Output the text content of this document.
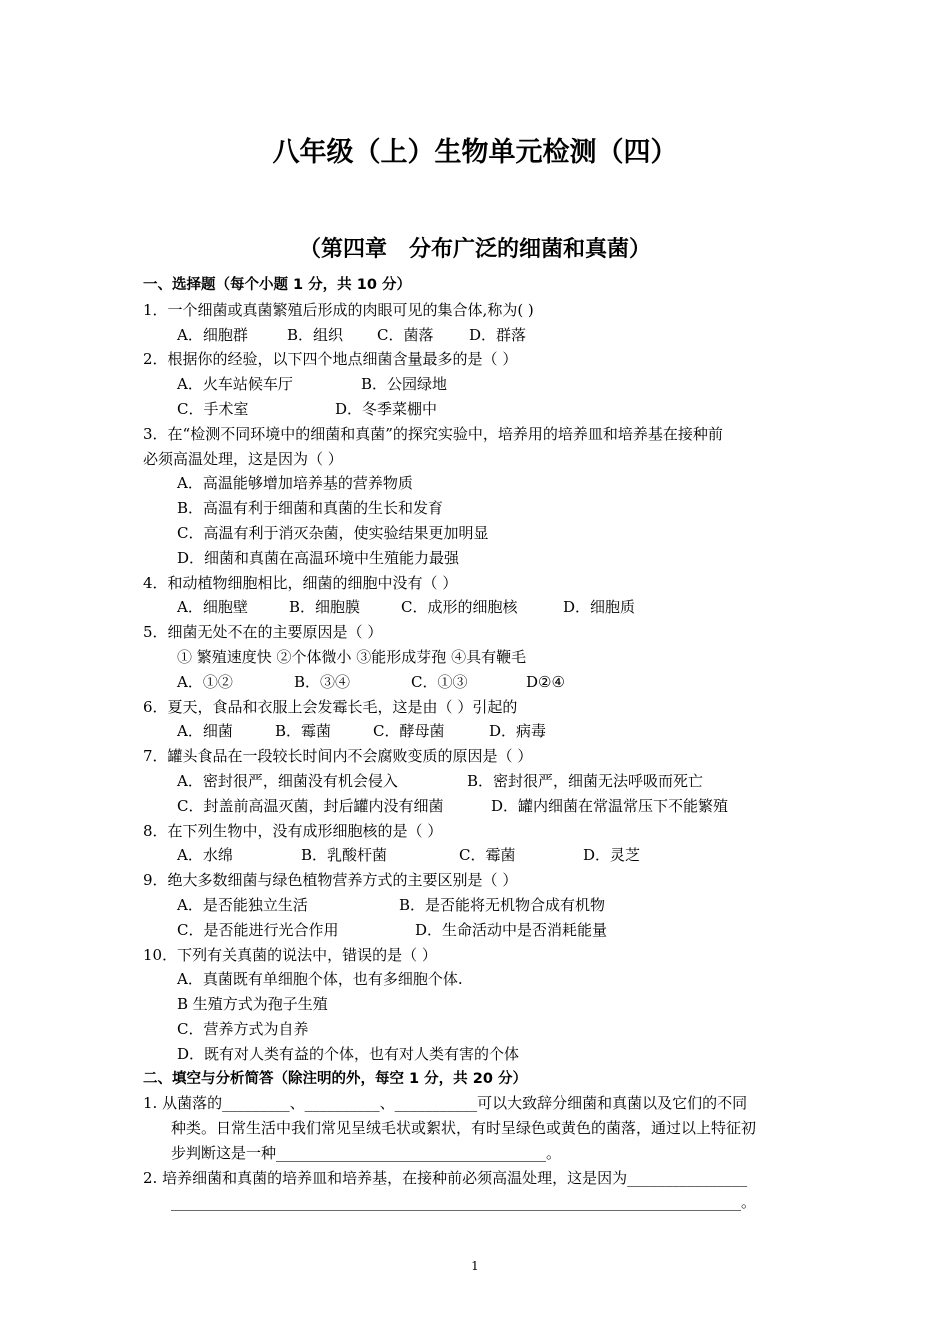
八年级（上）生物单元检测（四）
（第四章　分布广泛的细菌和真菌）
一、选择题（每个小题 1 分，共 10 分）
1．一个细菌或真菌繁殖后形成的肉眼可见的集合体,称为( )
A．细胞群	B．组织 C．菌落 D．群落
2．根据你的经验，以下四个地点细菌含量最多的是（ ）
A．火车站候车厅	B．公园绿地
C．手术室	D．冬季菜棚中
3．在“检测不同环境中的细菌和真菌”的探究实验中，培养用的培养皿和培养基在接种前
必须高温处理，这是因为（ ）
A．高温能够增加培养基的营养物质
B．高温有利于细菌和真菌的生长和发育
C．高温有利于消灭杂菌，使实验结果更加明显
D．细菌和真菌在高温环境中生殖能力最强
4．和动植物细胞相比，细菌的细胞中没有（ ）
A．细胞壁	B．细胞膜	C．成形的细胞核	D．细胞质
5．细菌无处不在的主要原因是（ ）
① 繁殖速度快 ②个体微小 ③能形成芽孢 ④具有鞭毛
A．①②	B．③④	C．①③	D②④
6．夏天，食品和衣服上会发霉长毛，这是由（ ）引起的
A．细菌	B．霉菌	C．酵母菌	D．病毒
7．罐头食品在一段较长时间内不会腐败变质的原因是（ ）
A．密封很严，细菌没有机会侵入	B．密封很严，细菌无法呼吸而死亡
C．封盖前高温灭菌，封后罐内没有细菌	D．罐内细菌在常温常压下不能繁殖
8．在下列生物中，没有成形细胞核的是（ ）
A．水绵	B．乳酸杆菌	C．霉菌	D．灵芝
9．绝大多数细菌与绿色植物营养方式的主要区别是（ ）
A．是否能独立生活	B．是否能将无机物合成有机物
C．是否能进行光合作用	D．生命活动中是否消耗能量
10．下列有关真菌的说法中，错误的是（ ）
A．真菌既有单细胞个体，也有多细胞个体.
B 生殖方式为孢子生殖
C．营养方式为自养
D．既有对人类有益的个体，也有对人类有害的个体
二、填空与分析简答（除注明的外，每空 1 分，共 20 分）
1. 从菌落的_________、__________、___________可以大致辞分细菌和真菌以及它们的不同
种类。日常生活中我们常见呈绒毛状或絮状，有时呈绿色或黄色的菌落，通过以上特征初
步判断这是一种____________________________________。
2. 培养细菌和真菌的培养皿和培养基，在接种前必须高温处理，这是因为________________
____________________________________________________________________________。
1
